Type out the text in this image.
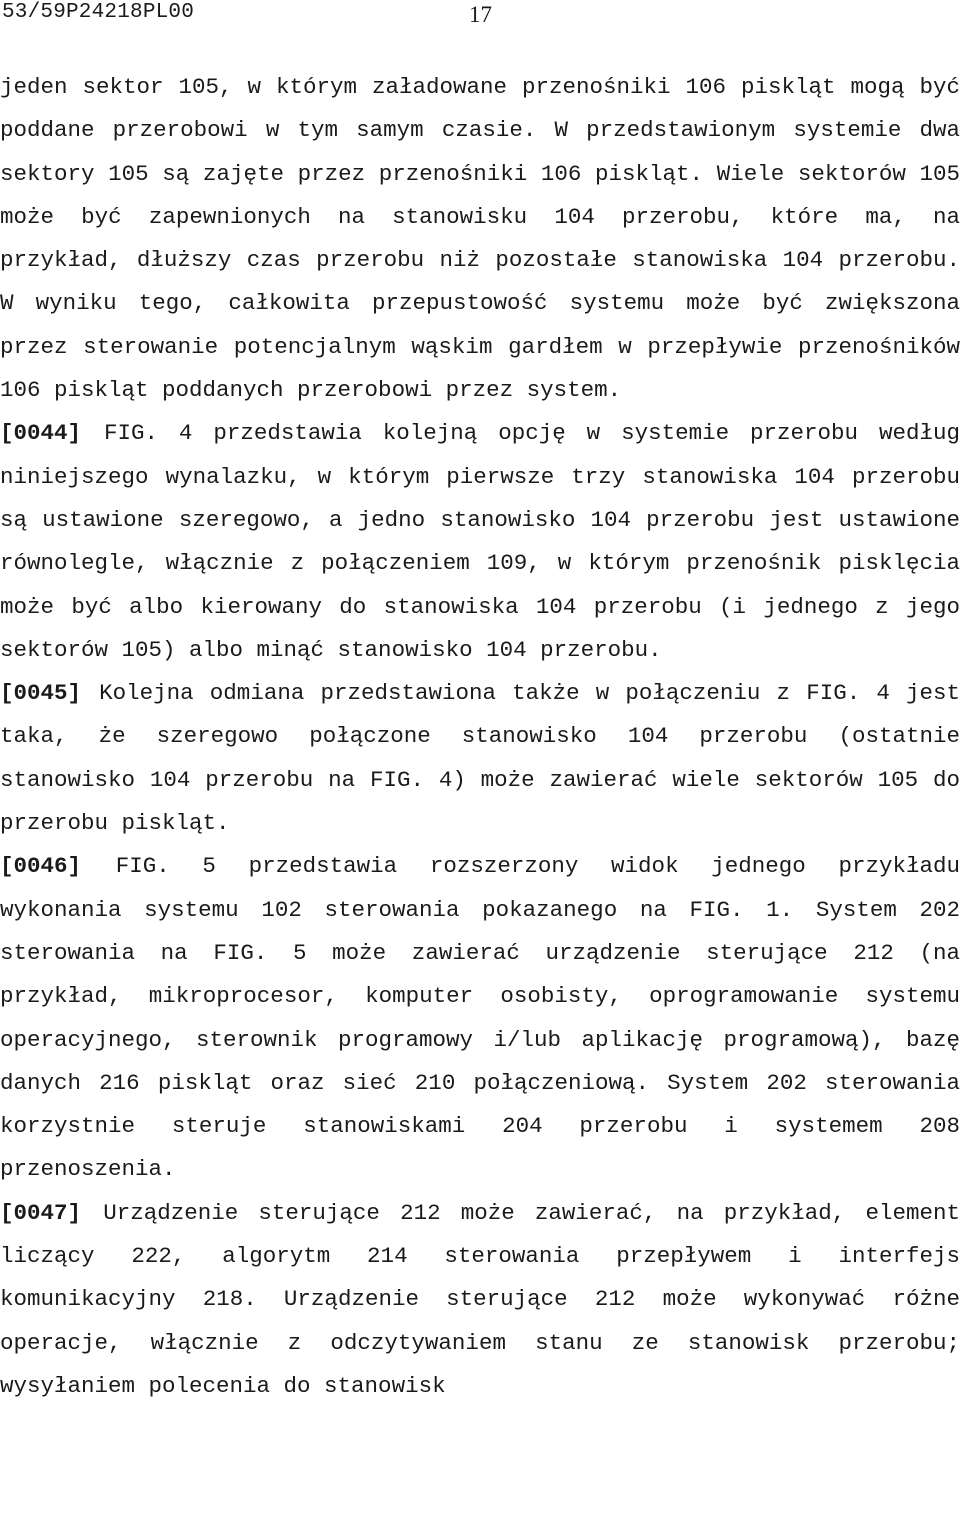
53/59P24218PL00	17

jeden sektor 105, w którym załadowane przenośniki 106 piskląt mogą być poddane przerobowi w tym samym czasie. W przedstawionym systemie dwa sektory 105 są zajęte przez przenośniki 106 piskląt. Wiele sektorów 105 może być zapewnionych na stanowisku 104 przerobu, które ma, na przykład, dłuższy czas przerobu niż pozostałe stanowiska 104 przerobu. W wyniku tego, całkowita przepustowość systemu może być zwiększona przez sterowanie potencjalnym wąskim gardłem w przepływie przenośników 106 piskląt poddanych przerobowi przez system.

[0044] FIG. 4 przedstawia kolejną opcję w systemie przerobu według niniejszego wynalazku, w którym pierwsze trzy stanowiska 104 przerobu są ustawione szeregowo, a jedno stanowisko 104 przerobu jest ustawione równolegle, włącznie z połączeniem 109, w którym przenośnik pisklęcia może być albo kierowany do stanowiska 104 przerobu (i jednego z jego sektorów 105) albo minąć stanowisko 104 przerobu.

[0045] Kolejna odmiana przedstawiona także w połączeniu z FIG. 4 jest taka, że szeregowo połączone stanowisko 104 przerobu (ostatnie stanowisko 104 przerobu na FIG. 4) może zawierać wiele sektorów 105 do przerobu piskląt.

[0046] FIG. 5 przedstawia rozszerzony widok jednego przykładu wykonania systemu 102 sterowania pokazanego na FIG. 1. System 202 sterowania na FIG. 5 może zawierać urządzenie sterujące 212 (na przykład, mikroprocesor, komputer osobisty, oprogramowanie systemu operacyjnego, sterownik programowy i/lub aplikację programową), bazę danych 216 piskląt oraz sieć 210 połączeniową. System 202 sterowania korzystnie steruje stanowiskami 204 przerobu i systemem 208 przenoszenia.

[0047] Urządzenie sterujące 212 może zawierać, na przykład, element liczący 222, algorytm 214 sterowania przepływem i interfejs komunikacyjny 218. Urządzenie sterujące 212 może wykonywać różne operacje, włącznie z odczytywaniem stanu ze stanowisk przerobu; wysyłaniem polecenia do stanowisk
